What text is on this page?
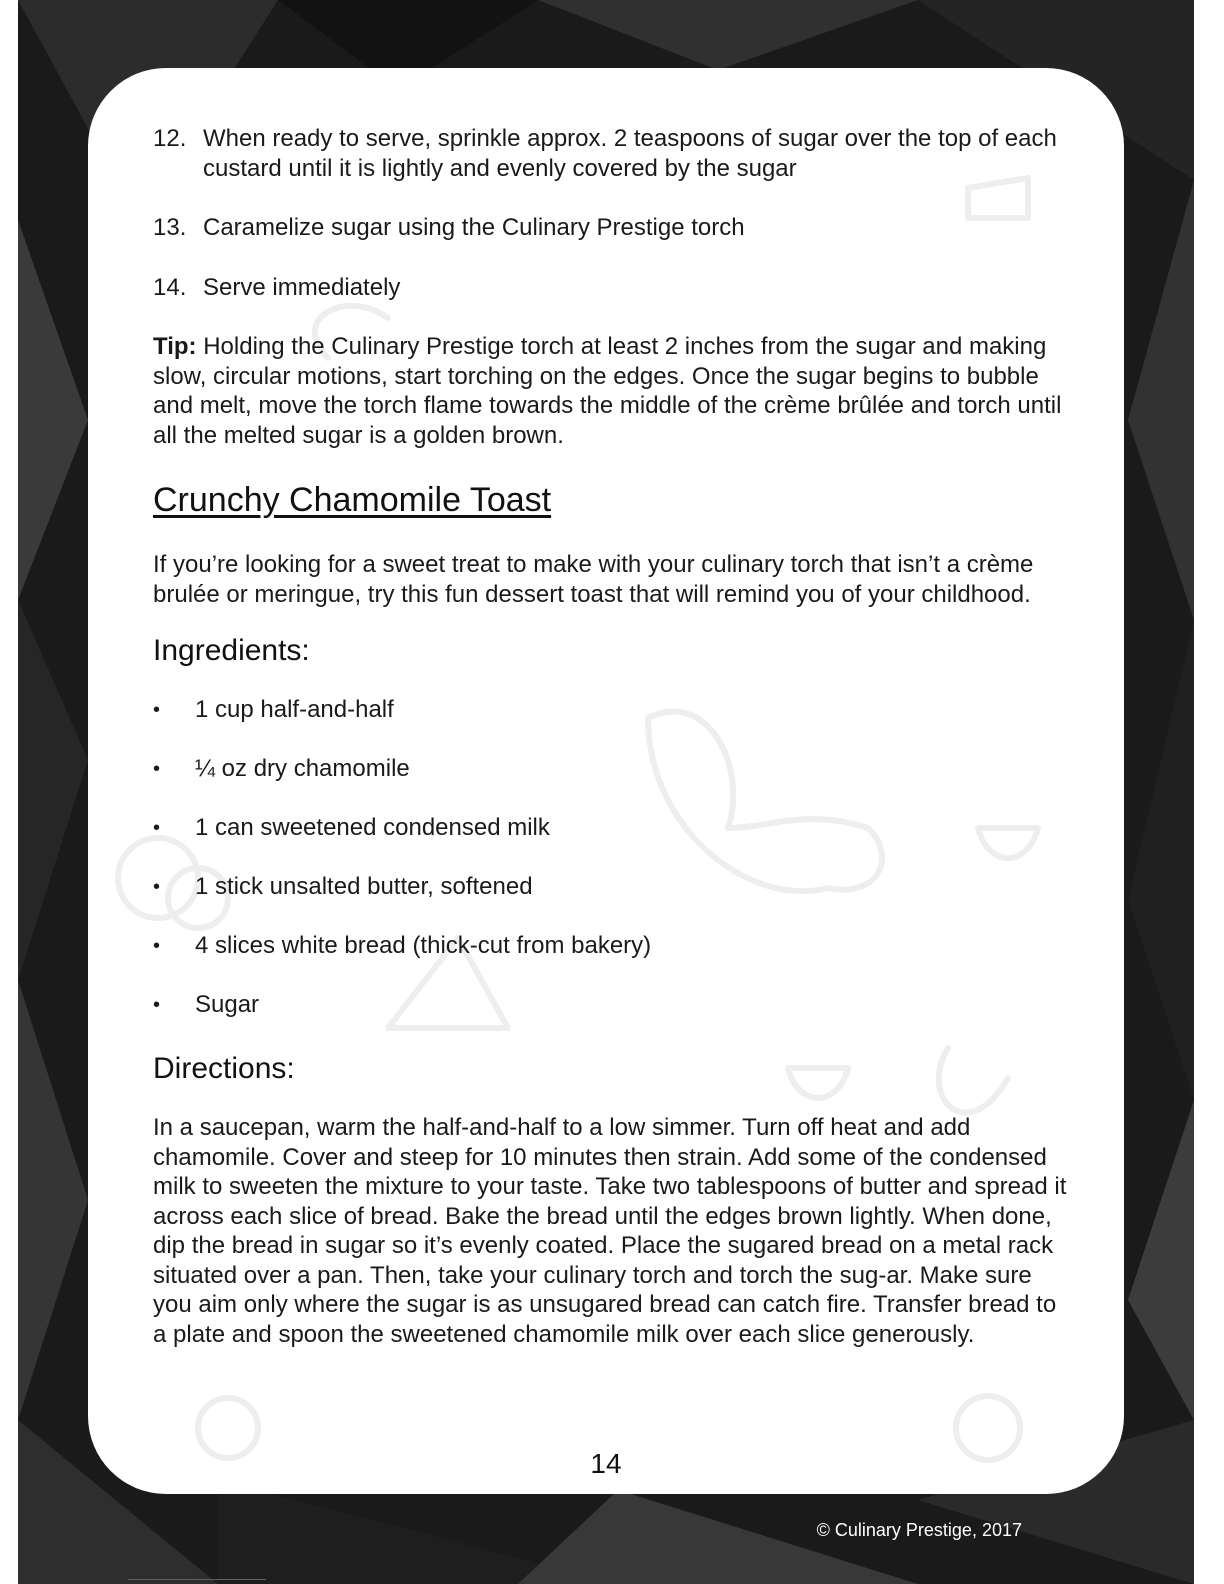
12. When ready to serve, sprinkle approx. 2 teaspoons of sugar over the top of each custard until it is lightly and evenly covered by the sugar
13. Caramelize sugar using the Culinary Prestige torch
14. Serve immediately

Tip: Holding the Culinary Prestige torch at least 2 inches from the sugar and making slow, circular motions, start torching on the edges. Once the sugar begins to bubble and melt, move the torch flame towards the middle of the crème brûlée and torch until all the melted sugar is a golden brown.

Crunchy Chamomile Toast

If you’re looking for a sweet treat to make with your culinary torch that isn’t a crème brulée or meringue, try this fun dessert toast that will remind you of your childhood.

Ingredients:
•	1 cup half-and-half
•	¼ oz dry chamomile
•	1 can sweetened condensed milk
•	1 stick unsalted butter, softened
•	4 slices white bread (thick-cut from bakery)
•	Sugar
Directions:

In a saucepan, warm the half-and-half to a low simmer. Turn off heat and add chamomile. Cover and steep for 10 minutes then strain. Add some of the condensed milk to sweeten the mixture to your taste. Take two tablespoons of butter and spread it across each slice of bread. Bake the bread until the edges brown lightly. When done, dip the bread in sugar so it’s evenly coated. Place the sugared bread on a metal rack situated over a pan. Then, take your culinary torch and torch the sug-ar. Make sure you aim only where the sugar is as unsugared bread can catch fire. Transfer bread to a plate and spoon the sweetened chamomile milk over each slice generously.

14
© Culinary Prestige, 2017
